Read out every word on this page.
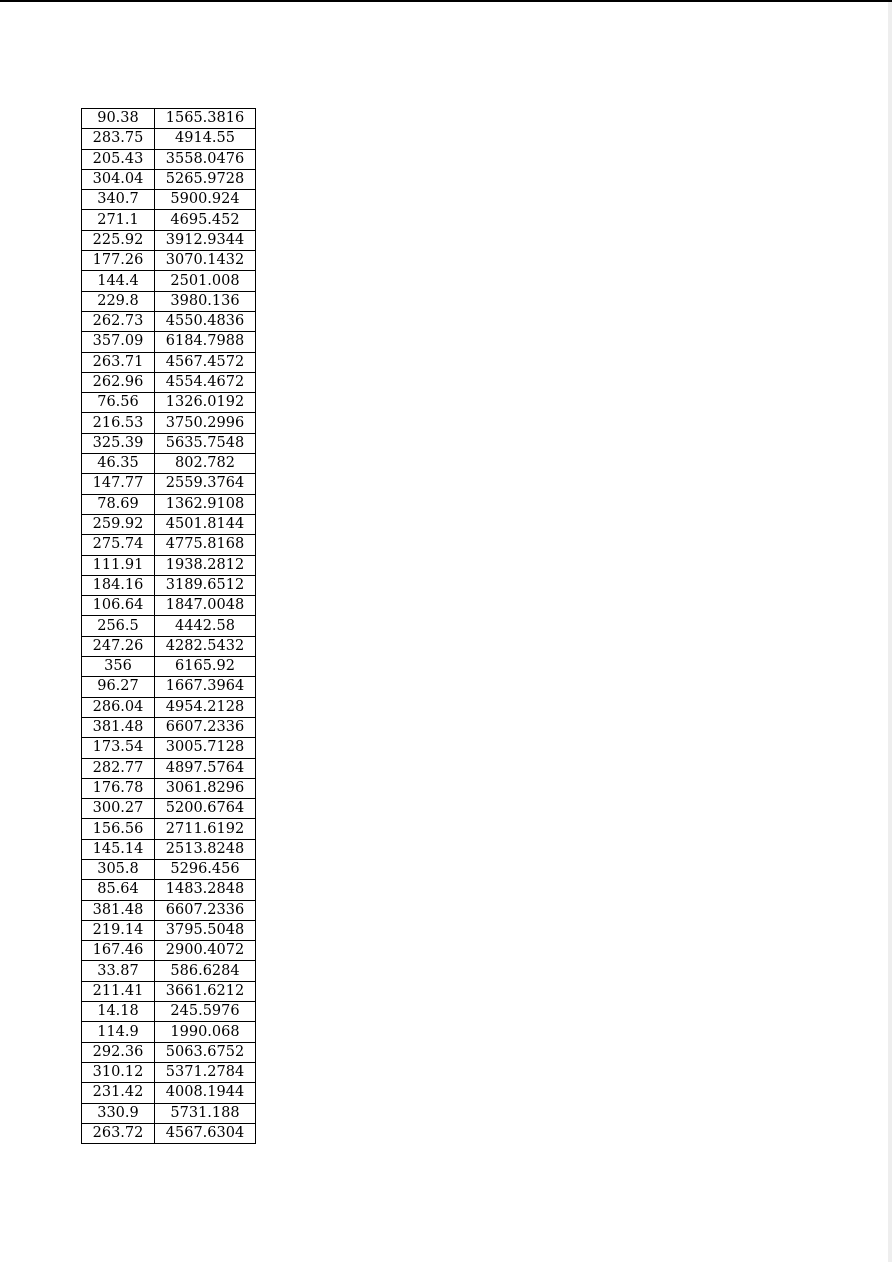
90.38	1565.3816
283.75	4914.55
205.43	3558.0476
304.04	5265.9728
340.7	5900.924
271.1	4695.452
225.92	3912.9344
177.26	3070.1432
144.4	2501.008
229.8	3980.136
262.73	4550.4836
357.09	6184.7988
263.71	4567.4572
262.96	4554.4672
76.56	1326.0192
216.53	3750.2996
325.39	5635.7548
46.35	802.782
147.77	2559.3764
78.69	1362.9108
259.92	4501.8144
275.74	4775.8168
111.91	1938.2812
184.16	3189.6512
106.64	1847.0048
256.5	4442.58
247.26	4282.5432
356	6165.92
96.27	1667.3964
286.04	4954.2128
381.48	6607.2336
173.54	3005.7128
282.77	4897.5764
176.78	3061.8296
300.27	5200.6764
156.56	2711.6192
145.14	2513.8248
305.8	5296.456
85.64	1483.2848
381.48	6607.2336
219.14	3795.5048
167.46	2900.4072
33.87	586.6284
211.41	3661.6212
14.18	245.5976
114.9	1990.068
292.36	5063.6752
310.12	5371.2784
231.42	4008.1944
330.9	5731.188
263.72	4567.6304
